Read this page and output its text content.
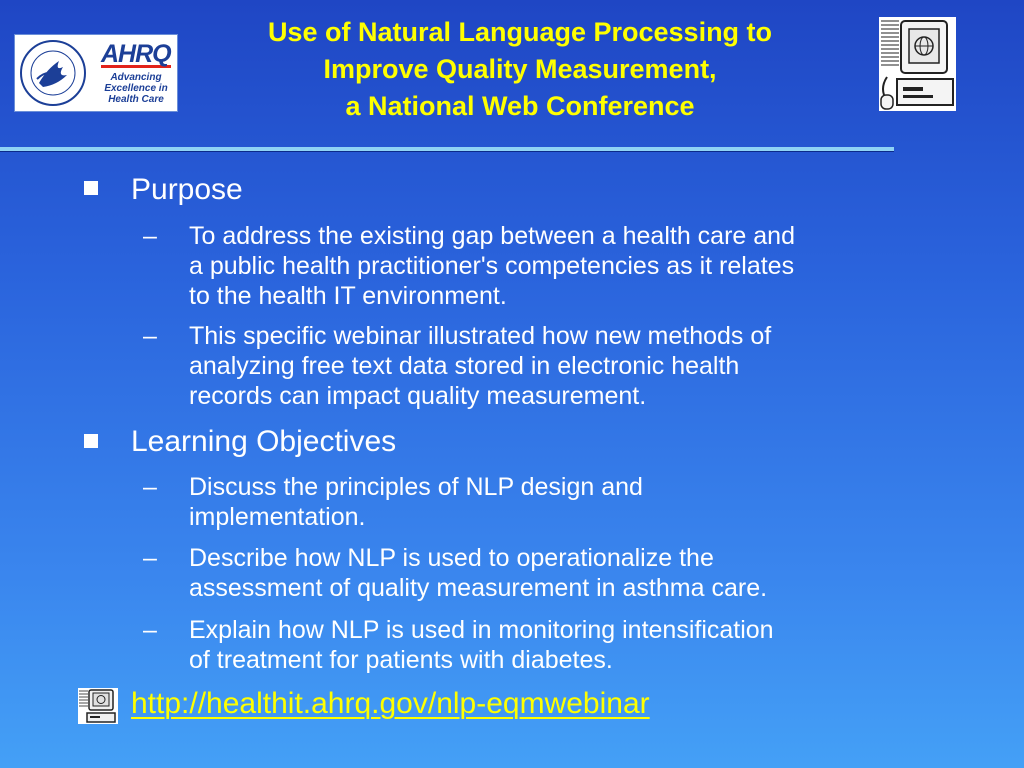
AHRQ
Advancing
Excellence in
Health Care
Use of Natural Language Processing to
Improve Quality Measurement,
a National Web Conference
Purpose
– To address the existing gap between a health care and
a public health practitioner's competencies as it relates
to the health IT environment.
– This specific webinar illustrated how new methods of
analyzing free text data stored in electronic health
records can impact quality measurement.
Learning Objectives
– Discuss the principles of NLP design and
implementation.
– Describe how NLP is used to operationalize the
assessment of quality measurement in asthma care.
– Explain how NLP is used in monitoring intensification
of treatment for patients with diabetes.
http://healthit.ahrq.gov/nlp-eqmwebinar
